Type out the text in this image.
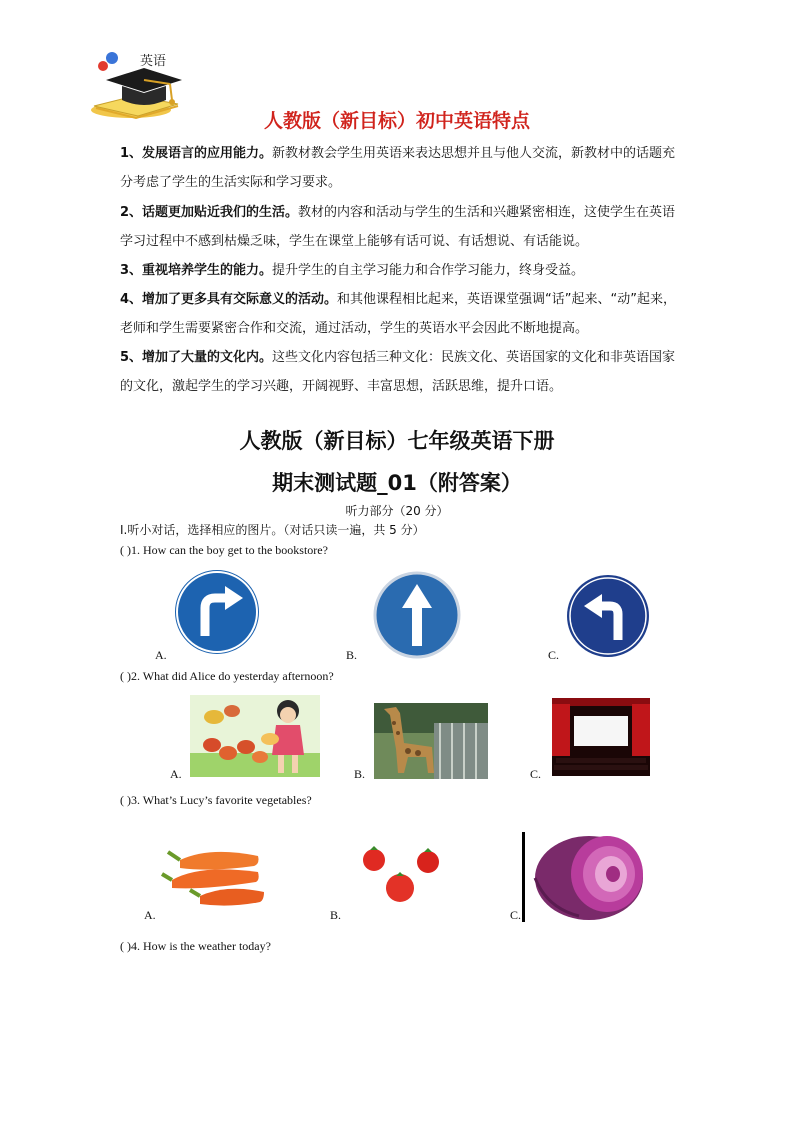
英语
人教版（新目标）初中英语特点
1、发展语言的应用能力。新教材教会学生用英语来表达思想并且与他人交流，新教材中的话题充分考虑了学生的生活实际和学习要求。
2、话题更加贴近我们的生活。教材的内容和活动与学生的生活和兴趣紧密相连，这使学生在英语学习过程中不感到枯燥乏味，学生在课堂上能够有话可说、有话想说、有话能说。
3、重视培养学生的能力。提升学生的自主学习能力和合作学习能力，终身受益。
4、增加了更多具有交际意义的活动。和其他课程相比起来，英语课堂强调“话”起来、“动”起来，老师和学生需要紧密合作和交流，通过活动，学生的英语水平会因此不断地提高。
5、增加了大量的文化内。这些文化内容包括三种文化：民族文化、英语国家的文化和非英语国家的文化，激起学生的学习兴趣，开阔视野、丰富思想，活跃思维，提升口语。
人教版（新目标）七年级英语下册
期末测试题_01（附答案）
听力部分（20 分）
Ⅰ.听小对话，选择相应的图片。（对话只读一遍，共 5 分）
( )1. How can the boy get to the bookstore?
A.	B.	C.
( )2. What did Alice do yesterday afternoon?
A.	B.	C.
( )3. What’s Lucy’s favorite vegetables?
A.	B.	C.
( )4. How is the weather today?
